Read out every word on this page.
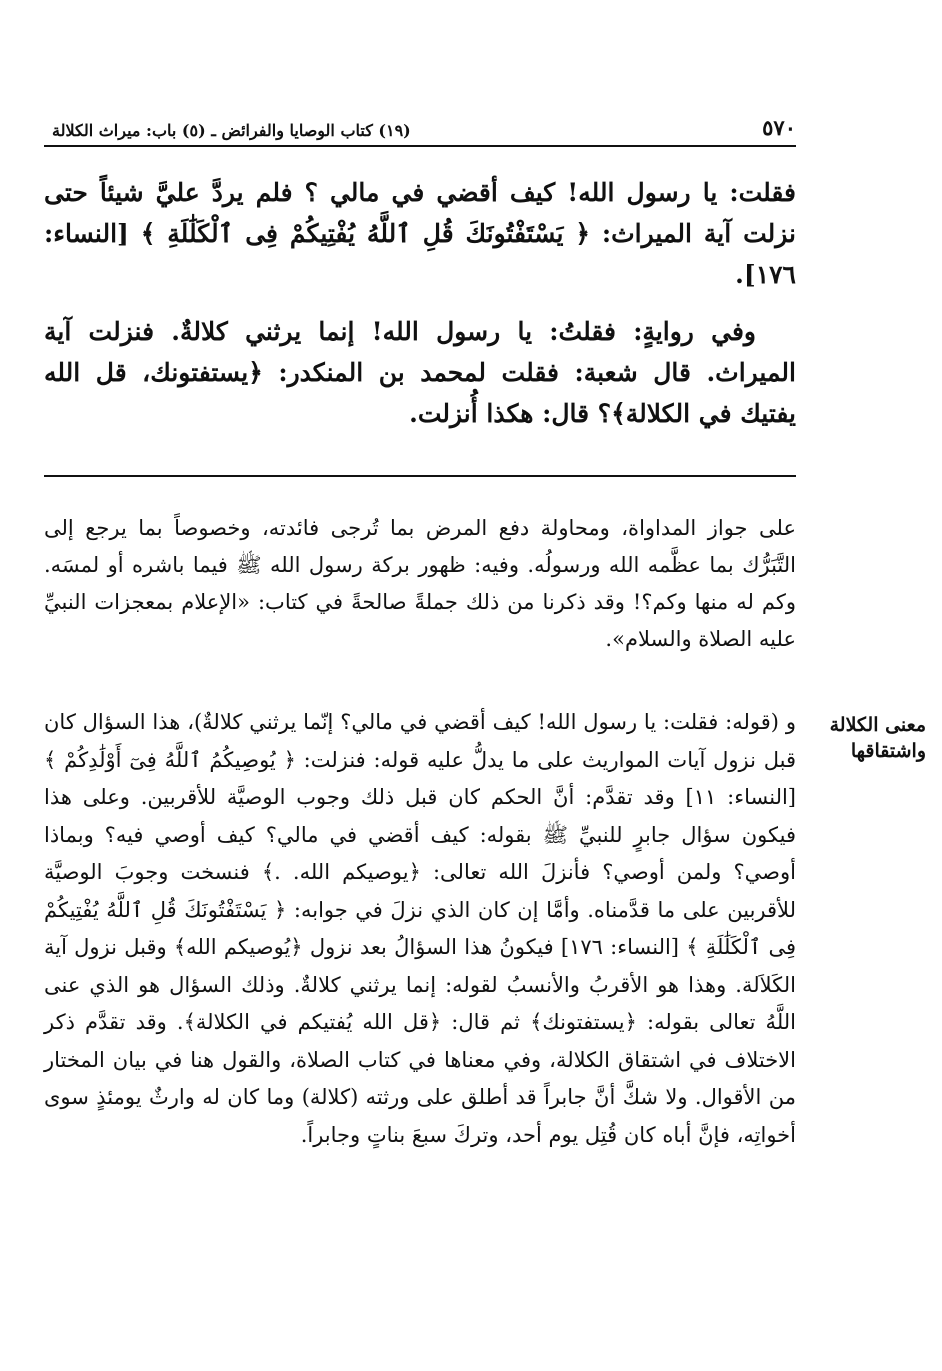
٥٧٠
(١٩) كتاب الوصايا والفرائض ـ (٥) باب: ميراث الكلالة

فقلت: يا رسول الله! كيف أقضي في مالي ؟ فلم يردَّ عليَّ شيئاً حتى نزلت آية الميراث: ﴿ يَسْتَفْتُونَكَ قُلِ ٱللَّهُ يُفْتِيكُمْ فِى ٱلْكَلَٰلَةِ ﴾ [النساء: ١٧٦].

وفي روايةٍ: فقلتُ: يا رسول الله! إنما يرثني كلالةٌ. فنزلت آية الميراث. قال شعبة: فقلت لمحمد بن المنكدر: ﴿يستفتونك، قل الله يفتيك في الكلالة﴾؟ قال: هكذا أُنزلت.

على جواز المداواة، ومحاولة دفع المرض بما تُرجى فائدته، وخصوصاً بما يرجع إلى التَّبَرُّك بما عظَّمه الله ورسولُه. وفيه: ظهور بركة رسول الله ﷺ فيما باشره أو لمسَه. وكم له منها وكم؟! وقد ذكرنا من ذلك جملةً صالحةً في كتاب: «الإعلام بمعجزات النبيِّ عليه الصلاة والسلام».

معنى الكلالة
واشتقاقها

و (قوله: فقلت: يا رسول الله! كيف أقضي في مالي؟ إنّما يرثني كلالةٌ)، هذا السؤال كان قبل نزول آيات المواريث على ما يدلُّ عليه قوله: فنزلت: ﴿ يُوصِيكُمُ ٱللَّهُ فِىٓ أَوْلَٰدِكُمْ ﴾ [النساء: ١١] وقد تقدَّم: أنَّ الحكم كان قبل ذلك وجوب الوصيَّة للأقربين. وعلى هذا فيكون سؤال جابرٍ للنبيِّ ﷺ بقوله: كيف أقضي في مالي؟ كيف أوصي فيه؟ وبماذا أوصي؟ ولمن أوصي؟ فأنزلَ الله تعالى: ﴿يوصيكم الله. .﴾ فنسخت وجوبَ الوصيَّة للأقربين على ما قدَّمناه. وأمَّا إن كان الذي نزلَ في جوابه: ﴿ يَسْتَفْتُونَكَ قُلِ ٱللَّهُ يُفْتِيكُمْ فِى ٱلْكَلَٰلَةِ ﴾ [النساء: ١٧٦] فيكونُ هذا السؤالُ بعد نزول ﴿يُوصيكم الله﴾ وقبل نزول آية الكَلاَلة. وهذا هو الأقربُ والأنسبُ لقوله: إنما يرثني كلالةٌ. وذلك السؤال هو الذي عنى اللَّهُ تعالى بقوله: ﴿يستفتونك﴾ ثم قال: ﴿قل الله يُفتيكم في الكلالة﴾. وقد تقدَّم ذكر الاختلاف في اشتقاق الكلالة، وفي معناها في كتاب الصلاة، والقول هنا في بيان المختار من الأقوال. ولا شكَّ أنَّ جابراً قد أطلق على ورثته (كلالة) وما كان له وارثٌ يومئذٍ سوى أخواتِه، فإنَّ أباه كان قُتِل يوم أحد، وتركَ سبعَ بناتٍ وجابراً.
